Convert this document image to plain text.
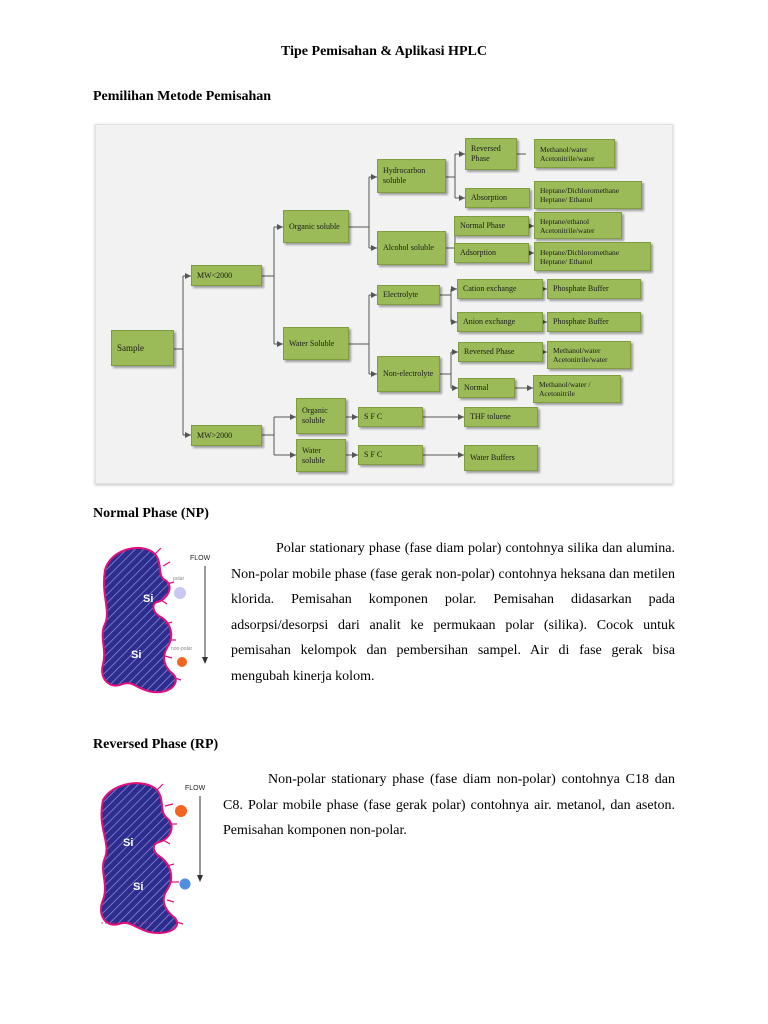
Tipe Pemisahan & Aplikasi HPLC
Pemilihan Metode Pemisahan
Sample
MW<2000
MW>2000
Organic soluble
Water Soluble
Hydrocarbon soluble
Alcohol soluble
Electrolyte
Non-electrolyte
Reversed Phase
Absorption
Normal Phase
Adsorption
Cation exchange
Anion exchange
Reversed Phase
Normal
Methanol/water Acetonitrile/water
Heptane/Dichloromethane Heptane/ Ethanol
Heptane/ethanol Acetonitrile/water
Heptane/Dichloromethane Heptane/ Ethanol
Phosphate Buffer
Phosphate Buffer
Methanol/water Acetonitrile/water
Methanol/water / Acetonitrile
Organic soluble
Water soluble
S F C
S F C
THF toluene
Water Buffers
Normal Phase (NP)
Si
Si
FLOW
polar
non-polar

Polar stationary phase (fase diam polar) contohnya silika dan alumina. Non-polar mobile phase (fase gerak non-polar) contohnya heksana dan metilen klorida. Pemisahan komponen polar. Pemisahan didasarkan pada adsorpsi/desorpsi dari analit ke permukaan polar (silika). Cocok untuk pemisahan kelompok dan pembersihan sampel. Air di fase gerak bisa mengubah kinerja kolom.

Reversed Phase (RP)
Si
Si
FLOW

Non-polar stationary phase (fase diam non-polar) contohnya C18 dan C8. Polar mobile phase (fase gerak polar) contohnya air. metanol, dan aseton. Pemisahan komponen non-polar.
